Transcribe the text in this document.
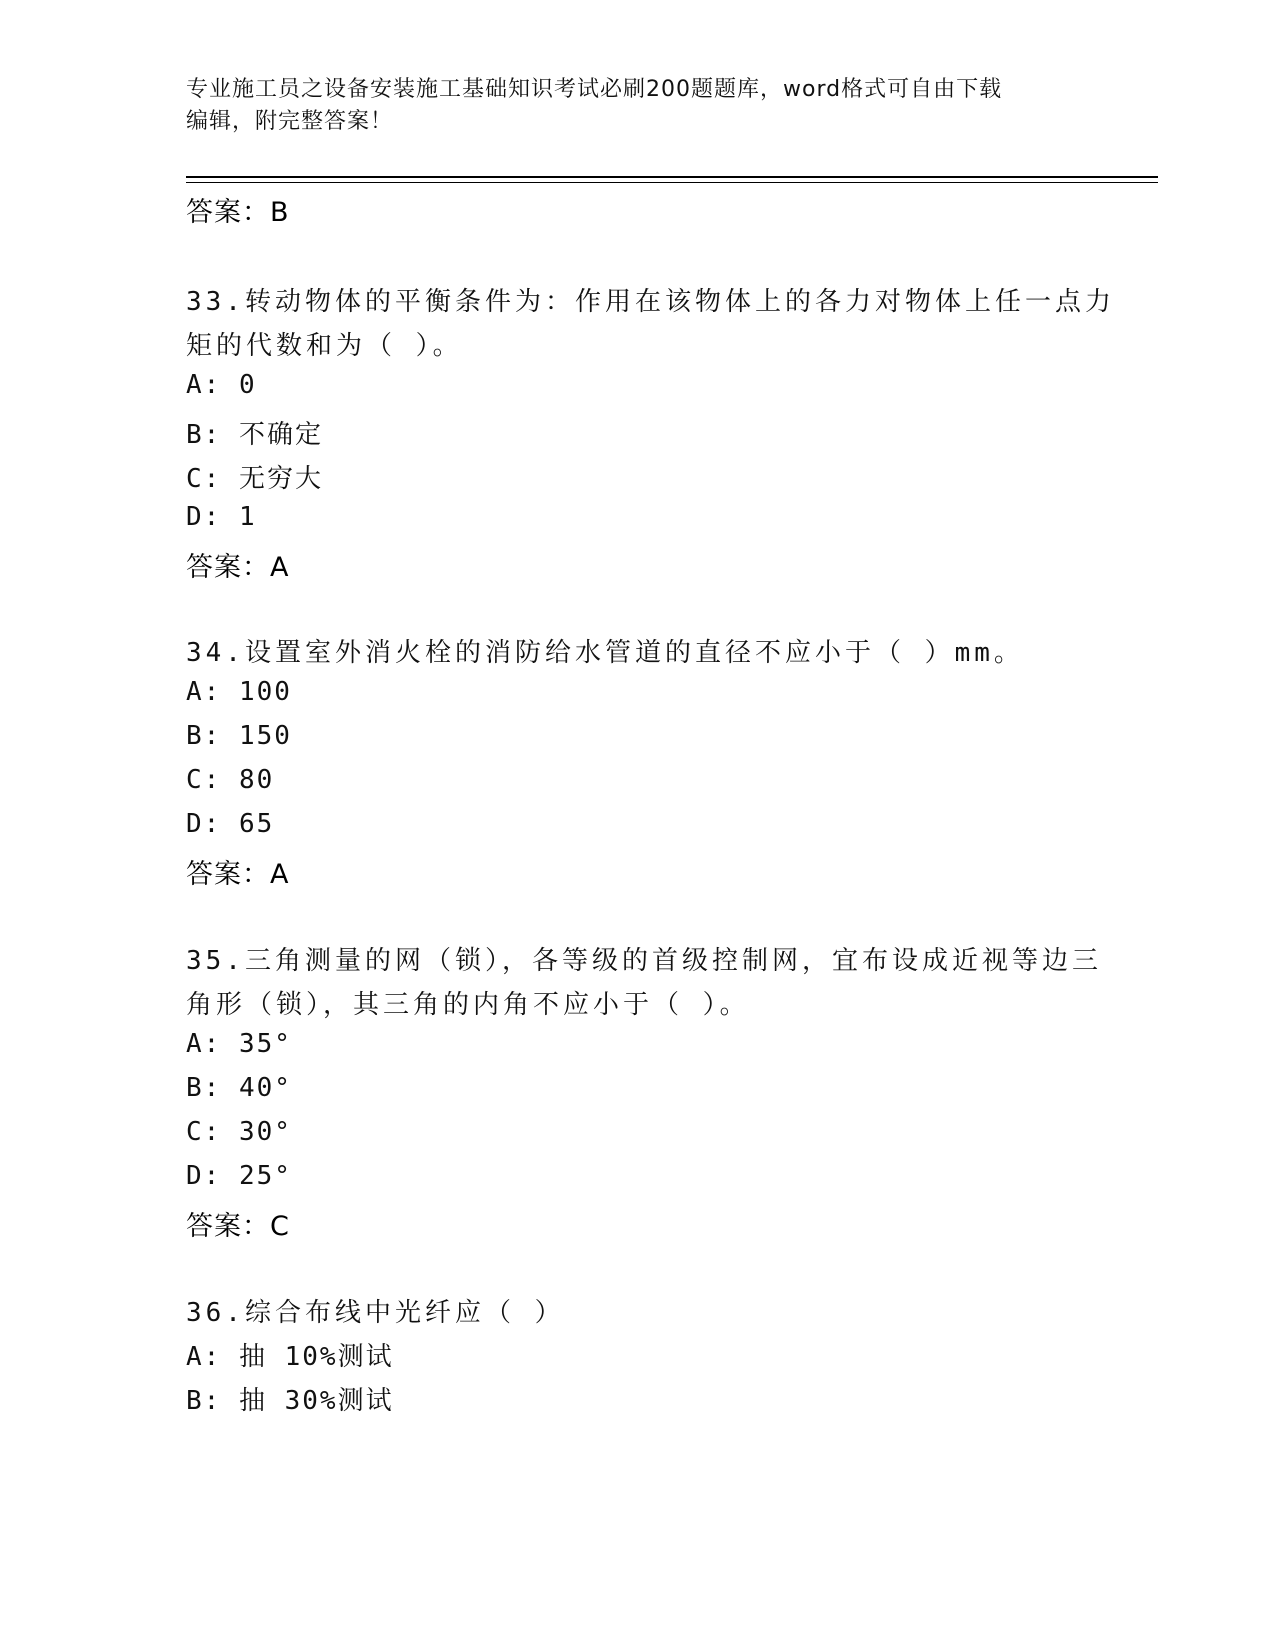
专业施工员之设备安装施工基础知识考试必刷200题题库，word格式可自由下载
编辑，附完整答案！
答案：B
33.转动物体的平衡条件为：作用在该物体上的各力对物体上任一点力
矩的代数和为（ ）。
A: 0
B: 不确定
C: 无穷大
D: 1
答案：A
34.设置室外消火栓的消防给水管道的直径不应小于（ ）mm。
A: 100
B: 150
C: 80
D: 65
答案：A
35.三角测量的网（锁），各等级的首级控制网，宜布设成近视等边三
角形（锁），其三角的内角不应小于（ ）。
A: 35°
B: 40°
C: 30°
D: 25°
答案：C
36.综合布线中光纤应（ ）
A: 抽 10%测试
B: 抽 30%测试
